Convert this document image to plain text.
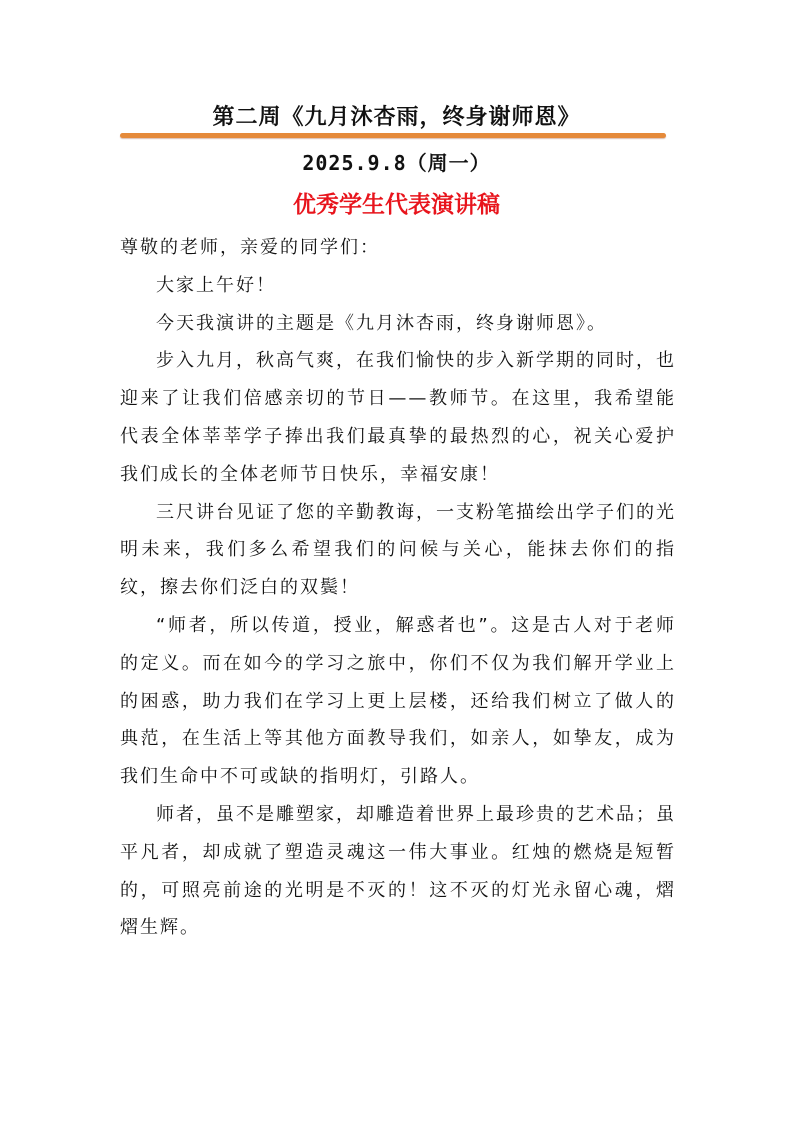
第二周《九月沐杏雨，终身谢师恩》
2025.9.8（周一）
优秀学生代表演讲稿

尊敬的老师，亲爱的同学们：

大家上午好！

今天我演讲的主题是《九月沐杏雨，终身谢师恩》。

步入九月，秋高气爽，在我们愉快的步入新学期的同时，也迎来了让我们倍感亲切的节日——教师节。在这里，我希望能代表全体莘莘学子捧出我们最真挚的最热烈的心，祝关心爱护我们成长的全体老师节日快乐，幸福安康！

三尺讲台见证了您的辛勤教诲，一支粉笔描绘出学子们的光明未来，我们多么希望我们的问候与关心，能抹去你们的指纹，擦去你们泛白的双鬓！

“师者，所以传道，授业，解惑者也”。这是古人对于老师的定义。而在如今的学习之旅中，你们不仅为我们解开学业上的困惑，助力我们在学习上更上层楼，还给我们树立了做人的典范，在生活上等其他方面教导我们，如亲人，如挚友，成为我们生命中不可或缺的指明灯，引路人。

师者，虽不是雕塑家，却雕造着世界上最珍贵的艺术品；虽平凡者，却成就了塑造灵魂这一伟大事业。红烛的燃烧是短暂的，可照亮前途的光明是不灭的！这不灭的灯光永留心魂，熠熠生辉。
